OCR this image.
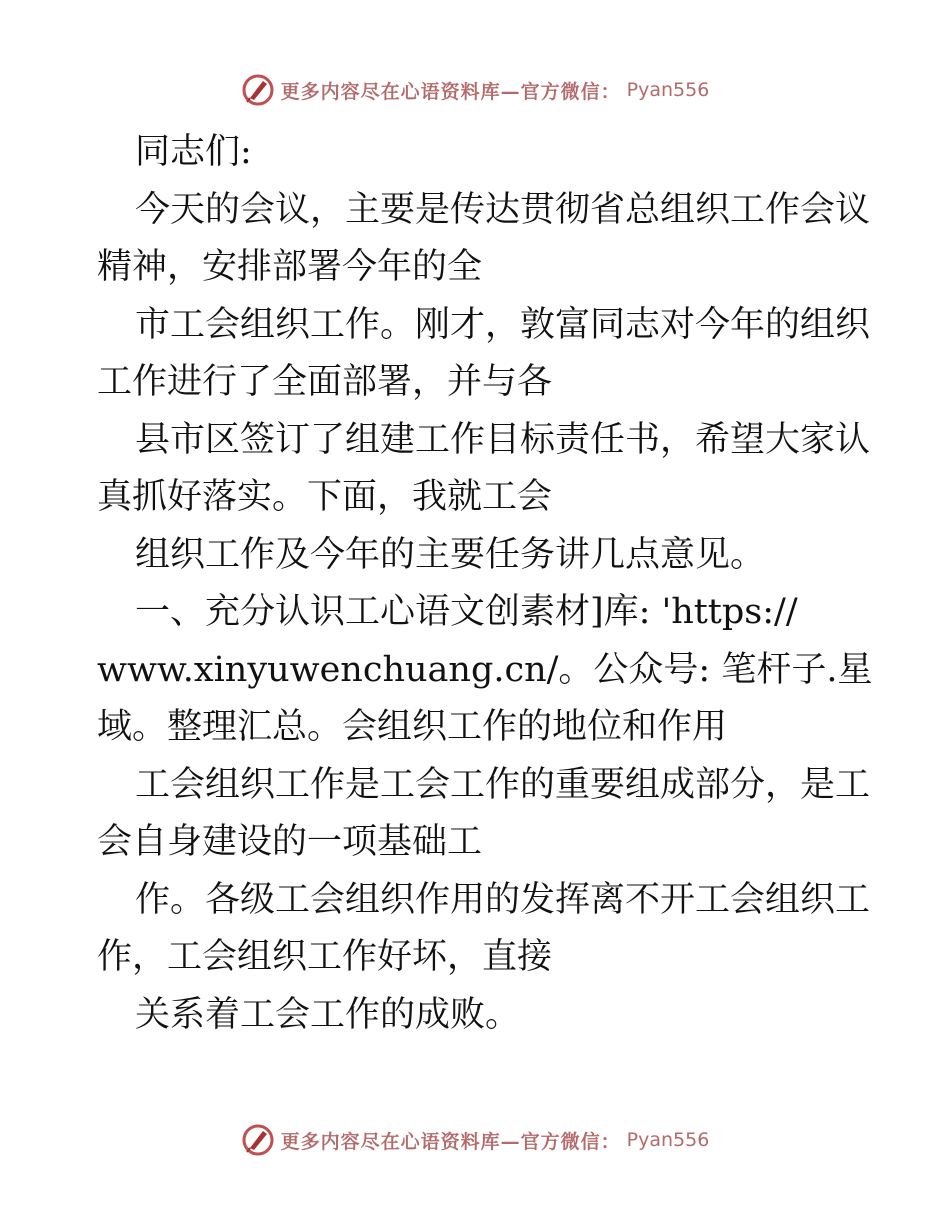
更多内容尽在心语资料库—官方微信： Pyan556

同志们:

今天的会议，主要是传达贯彻省总组织工作会议

精神，安排部署今年的全

市工会组织工作。刚才，敦富同志对今年的组织

工作进行了全面部署，并与各

县市区签订了组建工作目标责任书，希望大家认

真抓好落实。下面，我就工会

组织工作及今年的主要任务讲几点意见。

一、充分认识工心语文创素材]库: 'https://

www.xinyuwenchuang.cn/。公众号: 笔杆子.星

域。整理汇总。会组织工作的地位和作用

工会组织工作是工会工作的重要组成部分，是工

会自身建设的一项基础工

作。各级工会组织作用的发挥离不开工会组织工

作，工会组织工作好坏，直接

关系着工会工作的成败。

更多内容尽在心语资料库—官方微信： Pyan556
